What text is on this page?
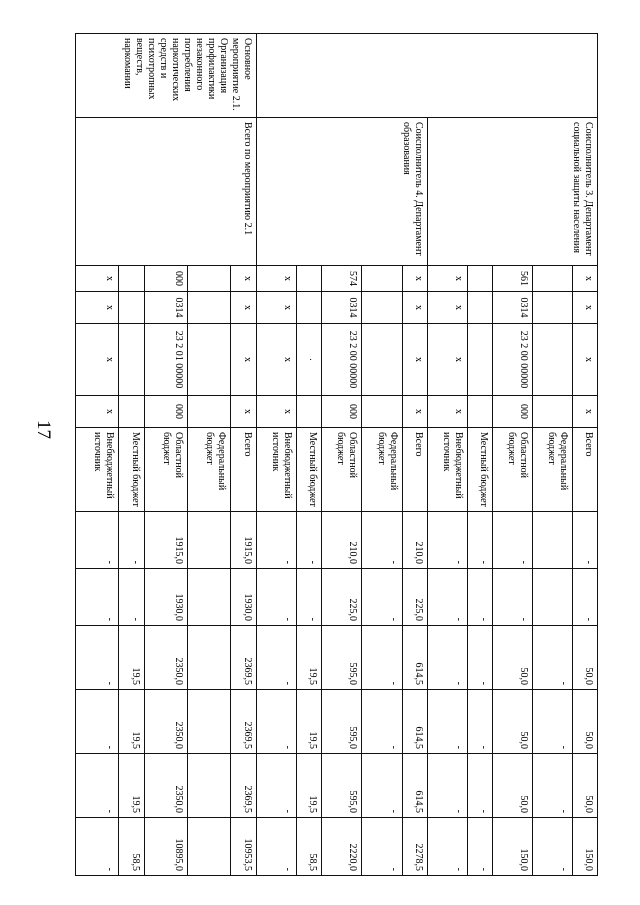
17
	Соисполнитель 3. Департамент социальной защиты населения	х	х	х	х	Всего	-	-	50,0	50,0	50,0	150,0
						Федеральный бюджет			-	-	-	-
		561	0314	23 2 00 00000	000	Областной бюджет	-	-	50,0	50,0	50,0	150,0
						Местный бюджет	-	-	-	-	-	-
		х	х	х	х	Внебюджетный источник	-	-	-	-	-	-
	Соисполнитель 4. Департамент образования	х	х	х	х	Всего	210,0	225,0	614,5	614,5	614,5	2278,5
						Федеральный бюджет	-	-	-	-	-	-
		574	0314	23 2 00 00000	000	Областной бюджет	210,0	225,0	595,0	595,0	595,0	2220,0
				.		Местный бюджет	-	-	19,5	19,5	19,5	58,5
		х	х	х	х	Внебюджетный источник	-	-	-	-	-	-
Основное мероприятие 2.1. Организация профилактики незаконного потребления наркотических средств и психотропных веществ, наркомании	Всего по мероприятию 2.1	х	х	х	х	Всего	1915,0	1930,0	2369,5	2369,5	2369,5	10953,5
						Федеральный бюджет						
		000	0314	23 2 01 00000	000	Областной бюджет	1915,0	1930,0	2350,0	2350,0	2350,0	10895,0
						Местный бюджет	-	-	19,5	19,5	19,5	58,5
		х	х	х	х	Внебюджетный источник	-	-	-	-	-	-
